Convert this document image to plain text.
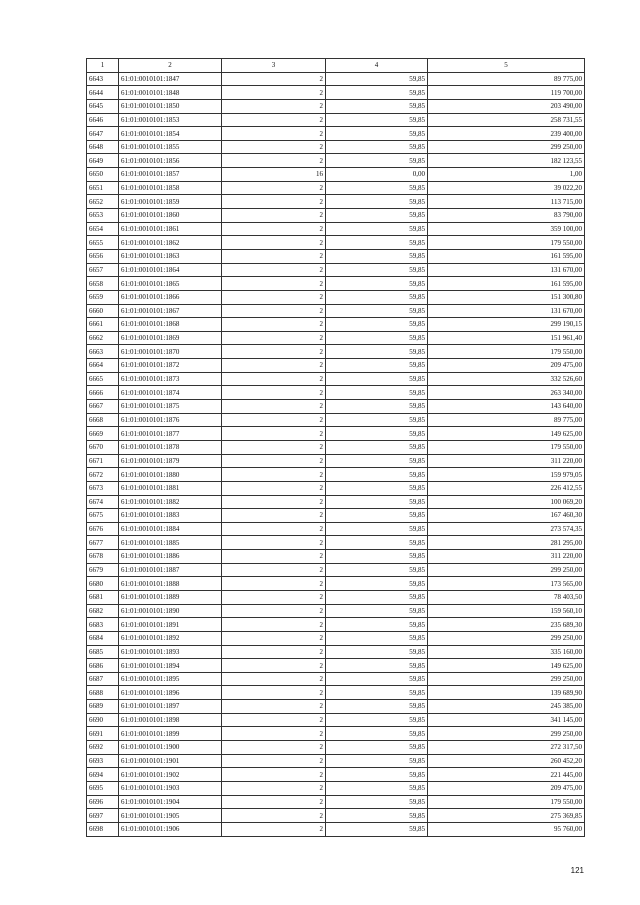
1	2	3	4	5
6643	61:01:0010101:1847	2	59,85	89 775,00
6644	61:01:0010101:1848	2	59,85	119 700,00
6645	61:01:0010101:1850	2	59,85	203 490,00
6646	61:01:0010101:1853	2	59,85	258 731,55
6647	61:01:0010101:1854	2	59,85	239 400,00
6648	61:01:0010101:1855	2	59,85	299 250,00
6649	61:01:0010101:1856	2	59,85	182 123,55
6650	61:01:0010101:1857	16	0,00	1,00
6651	61:01:0010101:1858	2	59,85	39 022,20
6652	61:01:0010101:1859	2	59,85	113 715,00
6653	61:01:0010101:1860	2	59,85	83 790,00
6654	61:01:0010101:1861	2	59,85	359 100,00
6655	61:01:0010101:1862	2	59,85	179 550,00
6656	61:01:0010101:1863	2	59,85	161 595,00
6657	61:01:0010101:1864	2	59,85	131 670,00
6658	61:01:0010101:1865	2	59,85	161 595,00
6659	61:01:0010101:1866	2	59,85	151 300,80
6660	61:01:0010101:1867	2	59,85	131 670,00
6661	61:01:0010101:1868	2	59,85	299 190,15
6662	61:01:0010101:1869	2	59,85	151 961,40
6663	61:01:0010101:1870	2	59,85	179 550,00
6664	61:01:0010101:1872	2	59,85	209 475,00
6665	61:01:0010101:1873	2	59,85	332 526,60
6666	61:01:0010101:1874	2	59,85	263 340,00
6667	61:01:0010101:1875	2	59,85	143 640,00
6668	61:01:0010101:1876	2	59,85	89 775,00
6669	61:01:0010101:1877	2	59,85	149 625,00
6670	61:01:0010101:1878	2	59,85	179 550,00
6671	61:01:0010101:1879	2	59,85	311 220,00
6672	61:01:0010101:1880	2	59,85	159 979,05
6673	61:01:0010101:1881	2	59,85	226 412,55
6674	61:01:0010101:1882	2	59,85	100 069,20
6675	61:01:0010101:1883	2	59,85	167 460,30
6676	61:01:0010101:1884	2	59,85	273 574,35
6677	61:01:0010101:1885	2	59,85	281 295,00
6678	61:01:0010101:1886	2	59,85	311 220,00
6679	61:01:0010101:1887	2	59,85	299 250,00
6680	61:01:0010101:1888	2	59,85	173 565,00
6681	61:01:0010101:1889	2	59,85	78 403,50
6682	61:01:0010101:1890	2	59,85	159 560,10
6683	61:01:0010101:1891	2	59,85	235 689,30
6684	61:01:0010101:1892	2	59,85	299 250,00
6685	61:01:0010101:1893	2	59,85	335 160,00
6686	61:01:0010101:1894	2	59,85	149 625,00
6687	61:01:0010101:1895	2	59,85	299 250,00
6688	61:01:0010101:1896	2	59,85	139 689,90
6689	61:01:0010101:1897	2	59,85	245 385,00
6690	61:01:0010101:1898	2	59,85	341 145,00
6691	61:01:0010101:1899	2	59,85	299 250,00
6692	61:01:0010101:1900	2	59,85	272 317,50
6693	61:01:0010101:1901	2	59,85	260 452,20
6694	61:01:0010101:1902	2	59,85	221 445,00
6695	61:01:0010101:1903	2	59,85	209 475,00
6696	61:01:0010101:1904	2	59,85	179 550,00
6697	61:01:0010101:1905	2	59,85	275 369,85
6698	61:01:0010101:1906	2	59,85	95 760,00
121
